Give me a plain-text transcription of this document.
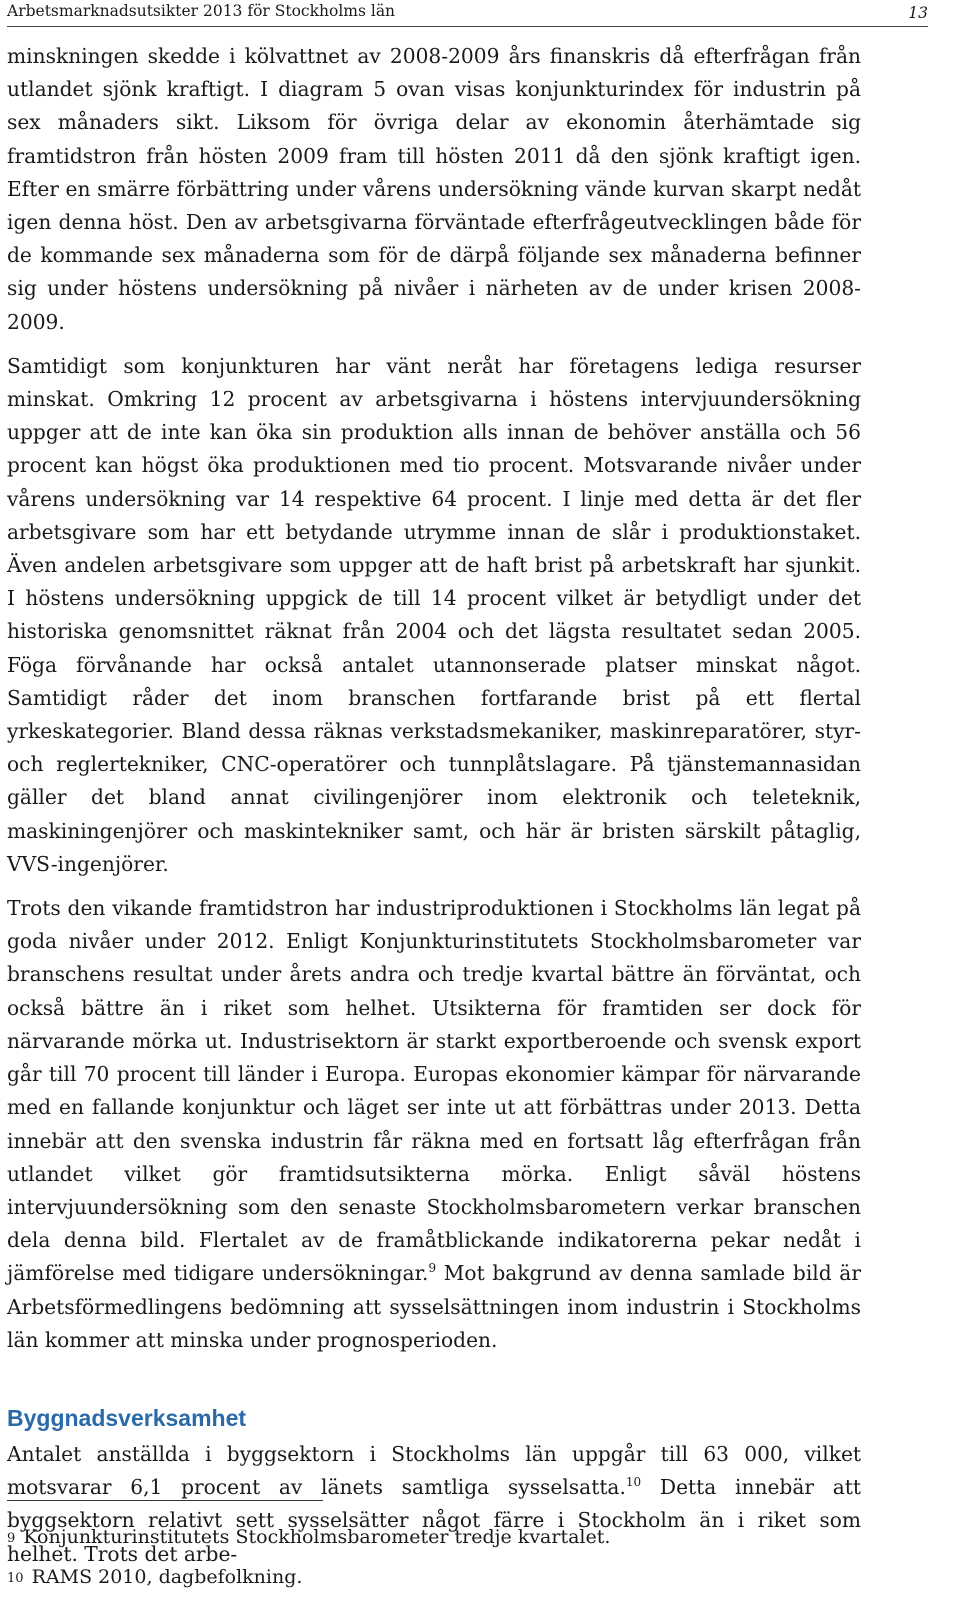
Arbetsmarknadsutsikter 2013 för Stockholms län	13

minskningen skedde i kölvattnet av 2008-2009 års finanskris då efterfrågan från utlandet sjönk kraftigt. I diagram 5 ovan visas konjunkturindex för industrin på sex månaders sikt. Liksom för övriga delar av ekonomin återhämtade sig framtidstron från hösten 2009 fram till hösten 2011 då den sjönk kraftigt igen. Efter en smärre förbättring under vårens undersökning vände kurvan skarpt nedåt igen denna höst. Den av arbetsgivarna förväntade efterfrågeutvecklingen både för de kommande sex månaderna som för de därpå följande sex månaderna befinner sig under höstens undersökning på nivåer i närheten av de under krisen 2008-2009.

Samtidigt som konjunkturen har vänt neråt har företagens lediga resurser minskat. Omkring 12 procent av arbetsgivarna i höstens intervjuundersökning uppger att de inte kan öka sin produktion alls innan de behöver anställa och 56 procent kan högst öka produktionen med tio procent. Motsvarande nivåer under vårens undersökning var 14 respektive 64 procent. I linje med detta är det fler arbetsgivare som har ett betydande utrymme innan de slår i produktionstaket. Även andelen arbetsgivare som uppger att de haft brist på arbetskraft har sjunkit. I höstens undersökning uppgick de till 14 procent vilket är betydligt under det historiska genomsnittet räknat från 2004 och det lägsta resultatet sedan 2005. Föga förvånande har också antalet utannonserade platser minskat något. Samtidigt råder det inom branschen fortfarande brist på ett flertal yrkeskategorier. Bland dessa räknas verkstadsmekaniker, maskinreparatörer, styr- och reglertekniker, CNC-operatörer och tunnplåtslagare. På tjänstemannasidan gäller det bland annat civilingenjörer inom elektronik och teleteknik, maskiningenjörer och maskintekniker samt, och här är bristen särskilt påtaglig, VVS-ingenjörer.

Trots den vikande framtidstron har industriproduktionen i Stockholms län legat på goda nivåer under 2012. Enligt Konjunkturinstitutets Stockholmsbarometer var branschens resultat under årets andra och tredje kvartal bättre än förväntat, och också bättre än i riket som helhet. Utsikterna för framtiden ser dock för närvarande mörka ut. Industrisektorn är starkt exportberoende och svensk export går till 70 procent till länder i Europa. Europas ekonomier kämpar för närvarande med en fallande konjunktur och läget ser inte ut att förbättras under 2013. Detta innebär att den svenska industrin får räkna med en fortsatt låg efterfrågan från utlandet vilket gör framtidsutsikterna mörka. Enligt såväl höstens intervjuundersökning som den senaste Stockholmsbarometern verkar branschen dela denna bild. Flertalet av de framåtblickande indikatorerna pekar nedåt i jämförelse med tidigare undersökningar.$^9$ Mot bakgrund av denna samlade bild är Arbetsförmedlingens bedömning att sysselsättningen inom industrin i Stockholms län kommer att minska under prognosperioden.

Byggnadsverksamhet

Antalet anställda i byggsektorn i Stockholms län uppgår till 63 000, vilket motsvarar 6,1 procent av länets samtliga sysselsatta.$^{10}$ Detta innebär att byggsektorn relativt sett sysselsätter något färre i Stockholm än i riket som helhet. Trots det arbe-

9 Konjunkturinstitutets Stockholmsbarometer tredje kvartalet.
10 RAMS 2010, dagbefolkning.
